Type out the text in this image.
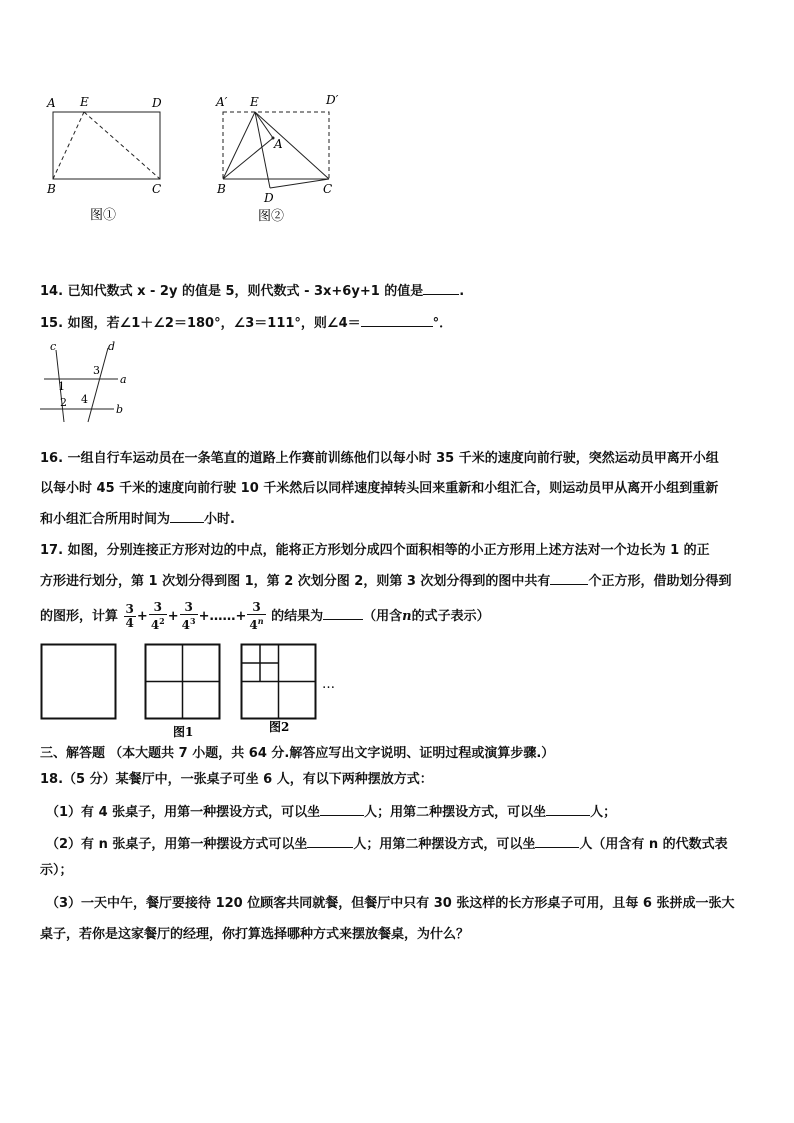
A E	D
B	C
图①
A′ E	D′
A
B	C
D
图②
14. 已知代数式 x - 2y 的值是 5，则代数式 - 3x+6y+1 的值是	.
15. 如图，若∠1＋∠2＝180°，∠3＝111°，则∠4＝	°．
c	d
a
b
1
2
3
4
16. 一组自行车运动员在一条笔直的道路上作赛前训练他们以每小时 35 千米的速度向前行驶，突然运动员甲离开小组
以每小时 45 千米的速度向前行驶 10 千米然后以同样速度掉转头回来重新和小组汇合，则运动员甲从离开小组到重新
和小组汇合所用时间为	小时.
17. 如图，分别连接正方形对边的中点，能将正方形划分成四个面积相等的小正方形用上述方法对一个边长为 1 的正
方形进行划分，第 1 次划分得到图 1，第 2 次划分图 2，则第 3 次划分得到的图中共有	个正方形，借助划分得到
的图形，计算 $\frac{3}{4} + \frac{3}{4^2} + \frac{3}{4^3}$ +……+ $\frac{3}{4^n}$ 的结果为	（用含n的式子表示）
…
图1	图2
三、解答题 （本大题共 7 小题，共 64 分.解答应写出文字说明、证明过程或演算步骤.）
18.（5 分）某餐厅中，一张桌子可坐 6 人，有以下两种摆放方式：
（1）有 4 张桌子，用第一种摆设方式，可以坐	人；用第二种摆设方式，可以坐	人；
（2）有 n 张桌子，用第一种摆设方式可以坐	人；用第二种摆设方式，可以坐	人（用含有 n 的代数式表
示）；
（3）一天中午，餐厅要接待 120 位顾客共同就餐，但餐厅中只有 30 张这样的长方形桌子可用，且每 6 张拼成一张大
桌子，若你是这家餐厅的经理，你打算选择哪种方式来摆放餐桌，为什么？
